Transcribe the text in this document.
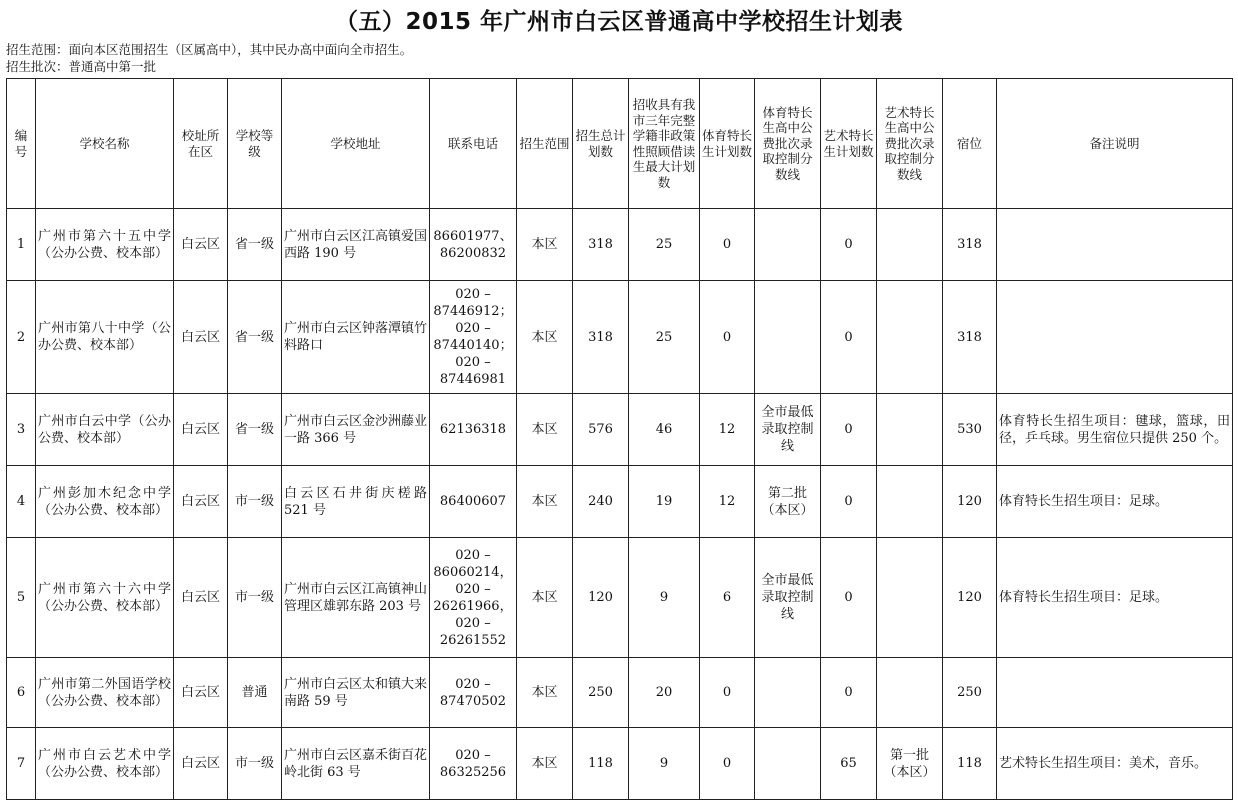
（五）2015 年广州市白云区普通高中学校招生计划表
招生范围：面向本区范围招生（区属高中），其中民办高中面向全市招生。
招生批次：普通高中第一批
编号	学校名称	校址所在区	学校等级	学校地址	联系电话	招生范围	招生总计划数	招收具有我市三年完整学籍非政策性照顾借读生最大计划数	体育特长生计划数	体育特长生高中公费批次录取控制分数线	艺术特长生计划数	艺术特长生高中公费批次录取控制分数线	宿位	备注说明
1	广州市第六十五中学（公办公费、校本部）	白云区	省一级	广州市白云区江高镇爱国西路 190 号	86601977、86200832	本区	318	25	0		0		318	
2	广州市第八十中学（公办公费、校本部）	白云区	省一级	广州市白云区钟落潭镇竹料路口	020 – 87446912；020 – 87440140；020 – 87446981	本区	318	25	0		0		318	
3	广州市白云中学（公办公费、校本部）	白云区	省一级	广州市白云区金沙洲藤业一路 366 号	62136318	本区	576	46	12	全市最低录取控制线	0		530	体育特长生招生项目：毽球，篮球，田径，乒乓球。男生宿位只提供 250 个。
4	广州彭加木纪念中学（公办公费、校本部）	白云区	市一级	白云区石井街庆槎路 521 号	86400607	本区	240	19	12	第二批（本区）	0		120	体育特长生招生项目：足球。
5	广州市第六十六中学（公办公费、校本部）	白云区	市一级	广州市白云区江高镇神山管理区雄郭东路 203 号	020 – 86060214，020 – 26261966，020 – 26261552	本区	120	9	6	全市最低录取控制线	0		120	体育特长生招生项目：足球。
6	广州市第二外国语学校（公办公费、校本部）	白云区	普通	广州市白云区太和镇大来南路 59 号	020 – 87470502	本区	250	20	0		0		250	
7	广州市白云艺术中学（公办公费、校本部）	白云区	市一级	广州市白云区嘉禾街百花岭北街 63 号	020 – 86325256	本区	118	9	0		65	第一批（本区）	118	艺术特长生招生项目：美术，音乐。
